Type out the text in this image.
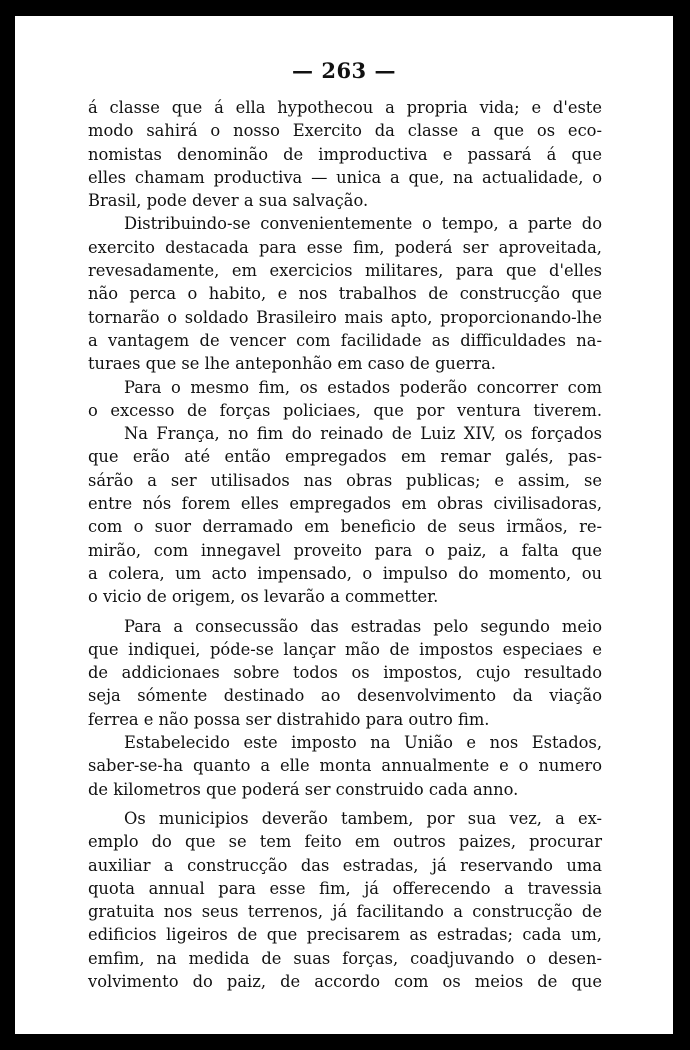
— 263 —
á classe que á ella hypothecou a propria vida; e d'este
modo sahirá o nosso Exercito da classe a que os eco-
nomistas denominão de improductiva e passará á que
elles chamam productiva — unica a que, na actualidade, o
Brasil, pode dever a sua salvação.
Distribuindo-se convenientemente o tempo, a parte do
exercito destacada para esse fim, poderá ser aproveitada,
revesadamente, em exercicios militares, para que d'elles
não perca o habito, e nos trabalhos de construcção que
tornarão o soldado Brasileiro mais apto, proporcionando-lhe
a vantagem de vencer com facilidade as difficuldades na-
turaes que se lhe anteponhão em caso de guerra.
Para o mesmo fim, os estados poderão concorrer com
o excesso de forças policiaes, que por ventura tiverem.
Na França, no fim do reinado de Luiz XIV, os forçados
que erão até então empregados em remar galés, pas-
sárão a ser utilisados nas obras publicas; e assim, se
entre nós forem elles empregados em obras civilisadoras,
com o suor derramado em beneficio de seus irmãos, re-
mirão, com innegavel proveito para o paiz, a falta que
a colera, um acto impensado, o impulso do momento, ou
o vicio de origem, os levarão a commetter.
Para a consecussão das estradas pelo segundo meio
que indiquei, póde-se lançar mão de impostos especiaes e
de addicionaes sobre todos os impostos, cujo resultado
seja sómente destinado ao desenvolvimento da viação
ferrea e não possa ser distrahido para outro fim.
Estabelecido este imposto na União e nos Estados,
saber-se-ha quanto a elle monta annualmente e o numero
de kilometros que poderá ser construido cada anno.
Os municipios deverão tambem, por sua vez, a ex-
emplo do que se tem feito em outros paizes, procurar
auxiliar a construcção das estradas, já reservando uma
quota annual para esse fim, já offerecendo a travessia
gratuita nos seus terrenos, já facilitando a construcção de
edificios ligeiros de que precisarem as estradas; cada um,
emfim, na medida de suas forças, coadjuvando o desen-
volvimento do paiz, de accordo com os meios de que
